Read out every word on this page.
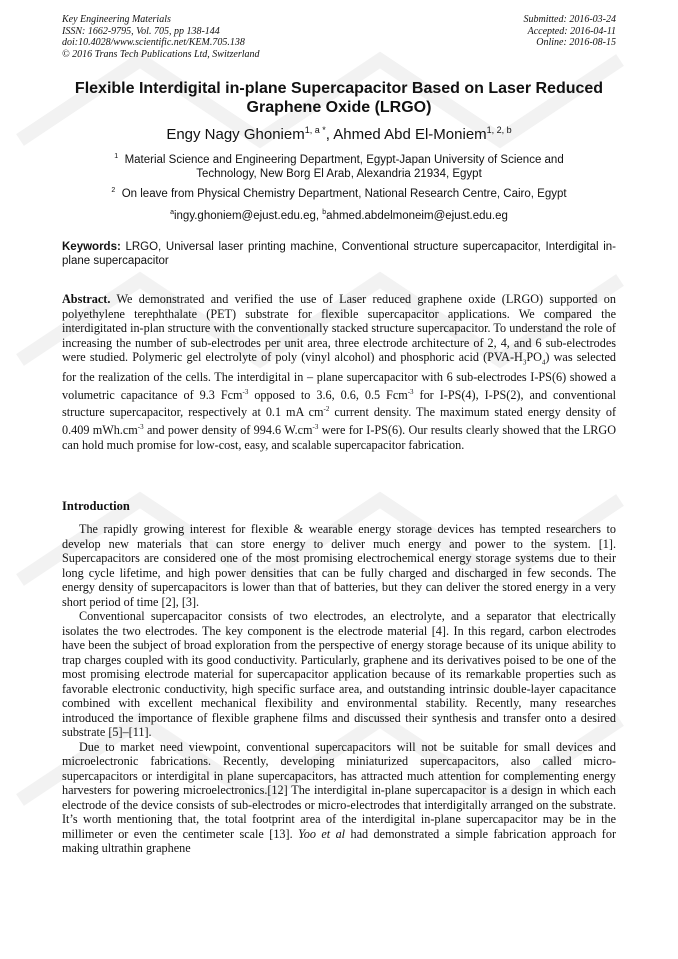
Key Engineering Materials
ISSN: 1662-9795, Vol. 705, pp 138-144
doi:10.4028/www.scientific.net/KEM.705.138
© 2016 Trans Tech Publications Ltd, Switzerland
Submitted: 2016-03-24
Accepted: 2016-04-11
Online: 2016-08-15
Flexible Interdigital in-plane Supercapacitor Based on Laser Reduced Graphene Oxide (LRGO)
Engy Nagy Ghoniem$^{1, a *}$, Ahmed Abd El-Moniem$^{1, 2, b}$
$^1$ Material Science and Engineering Department, Egypt-Japan University of Science and
Technology, New Borg El Arab, Alexandria 21934, Egypt
$^2$ On leave from Physical Chemistry Department, National Research Centre, Cairo, Egypt
$^a$ingy.ghoniem@ejust.edu.eg, $^b$ahmed.abdelmoneim@ejust.edu.eg
Keywords: LRGO, Universal laser printing machine, Conventional structure supercapacitor, Interdigital in-plane supercapacitor

Abstract. We demonstrated and verified the use of Laser reduced graphene oxide (LRGO) supported on polyethylene terephthalate (PET) substrate for flexible supercapacitor applications. We compared the interdigitated in-plan structure with the conventionally stacked structure supercapacitor. To understand the role of increasing the number of sub-electrodes per unit area, three electrode architecture of 2, 4, and 6 sub-electrodes were studied. Polymeric gel electrolyte of poly (vinyl alcohol) and phosphoric acid $(PVA-H_3PO_4)$ was selected for the realization of the cells. The interdigital in – plane supercapacitor with 6 sub-electrodes I-PS(6) showed a volumetric capacitance of 9.3 Fcm$^{-3}$ opposed to 3.6, 0.6, 0.5 Fcm$^{-3}$ for I-PS(4), I-PS(2), and conventional structure supercapacitor, respectively at 0.1 mA $cm^{-2}$ current density. The maximum stated energy density of 0.409 $mWh.cm^{-3}$ and power density of 994.6 $W.cm^{-3}$ were for I-PS(6). Our results clearly showed that the LRGO can hold much promise for low-cost, easy, and scalable supercapacitor fabrication.

Introduction

The rapidly growing interest for flexible & wearable energy storage devices has tempted researchers to develop new materials that can store energy to deliver much energy and power to the system. [1]. Supercapacitors are considered one of the most promising electrochemical energy storage systems due to their long cycle lifetime, and high power densities that can be fully charged and discharged in few seconds. The energy density of supercapacitors is lower than that of batteries, but they can deliver the stored energy in a very short period of time [2], [3].

Conventional supercapacitor consists of two electrodes, an electrolyte, and a separator that electrically isolates the two electrodes. The key component is the electrode material [4]. In this regard, carbon electrodes have been the subject of broad exploration from the perspective of energy storage because of its unique ability to trap charges coupled with its good conductivity. Particularly, graphene and its derivatives poised to be one of the most promising electrode material for supercapacitor application because of its remarkable properties such as favorable electronic conductivity, high specific surface area, and outstanding intrinsic double-layer capacitance combined with excellent mechanical flexibility and environmental stability. Recently, many researches introduced the importance of flexible graphene films and discussed their synthesis and transfer onto a desired substrate [5]–[11].

Due to market need viewpoint, conventional supercapacitors will not be suitable for small devices and microelectronic fabrications. Recently, developing miniaturized supercapacitors, also called micro-supercapacitors or interdigital in plane supercapacitors, has attracted much attention for complementing energy harvesters for powering microelectronics.[12] The interdigital in-plane supercapacitor is a design in which each electrode of the device consists of sub-electrodes or micro-electrodes that interdigitally arranged on the substrate. It’s worth mentioning that, the total footprint area of the interdigital in-plane supercapacitor may be in the millimeter or even the centimeter scale [13]. Yoo et al had demonstrated a simple fabrication approach for making ultrathin graphene
